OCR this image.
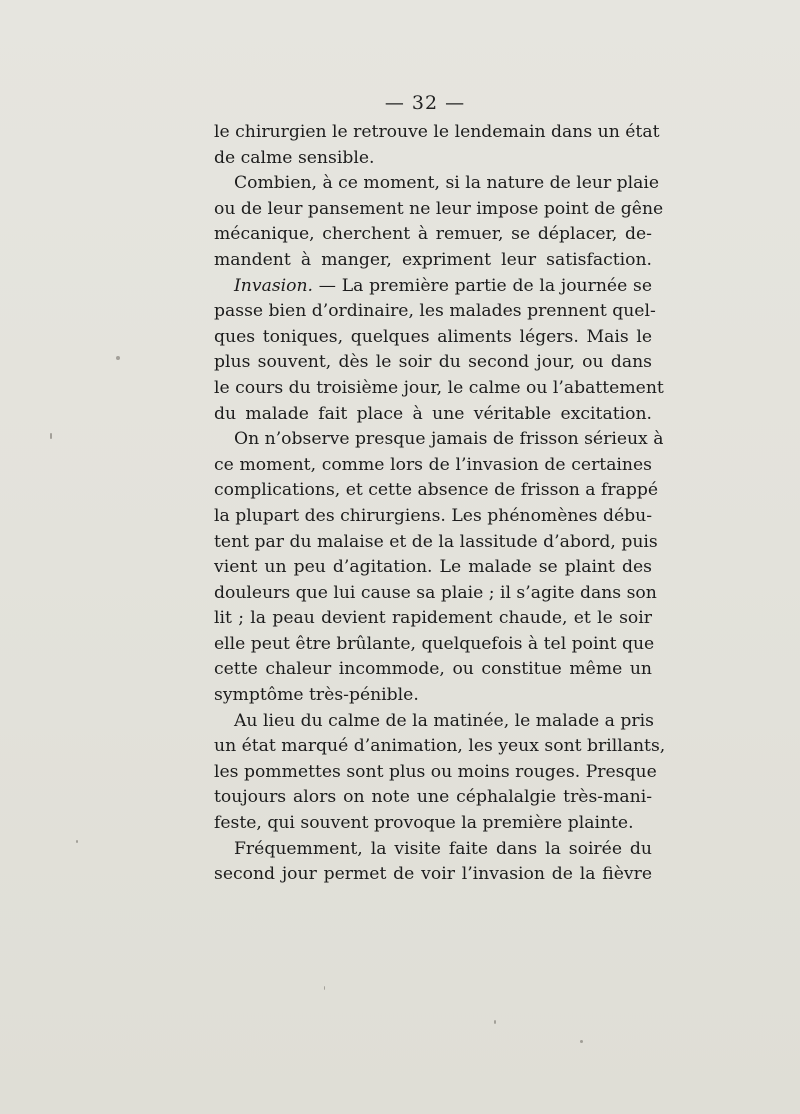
— 32 —
le chirurgien le retrouve le lendemain dans un état
de calme sensible.
Combien, à ce moment, si la nature de leur plaie
ou de leur pansement ne leur impose point de gêne
mécanique, cherchent à remuer, se déplacer, de-
mandent à manger, expriment leur satisfaction.
Invasion. — La première partie de la journée se
passe bien d’ordinaire, les malades prennent quel-
ques toniques, quelques aliments légers. Mais le
plus souvent, dès le soir du second jour, ou dans
le cours du troisième jour, le calme ou l’abattement
du malade fait place à une véritable excitation.
On n’observe presque jamais de frisson sérieux à
ce moment, comme lors de l’invasion de certaines
complications, et cette absence de frisson a frappé
la plupart des chirurgiens. Les phénomènes débu-
tent par du malaise et de la lassitude d’abord, puis
vient un peu d’agitation. Le malade se plaint des
douleurs que lui cause sa plaie ; il s’agite dans son
lit ; la peau devient rapidement chaude, et le soir
elle peut être brûlante, quelquefois à tel point que
cette chaleur incommode, ou constitue même un
symptôme très-pénible.
Au lieu du calme de la matinée, le malade a pris
un état marqué d’animation, les yeux sont brillants,
les pommettes sont plus ou moins rouges. Presque
toujours alors on note une céphalalgie très-mani-
feste, qui souvent provoque la première plainte.
Fréquemment, la visite faite dans la soirée du
second jour permet de voir l’invasion de la fièvre
